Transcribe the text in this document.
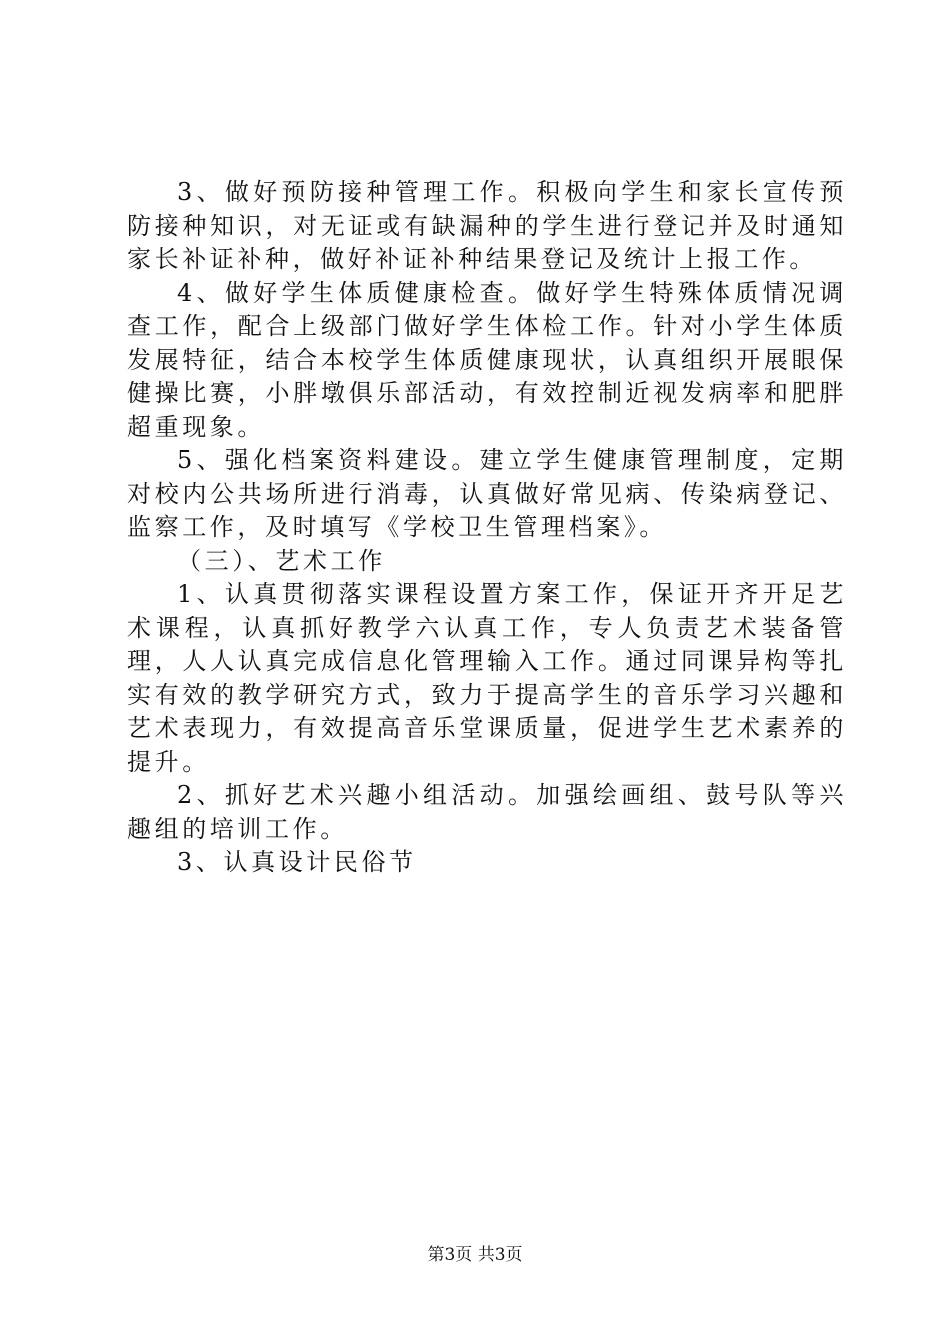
3、做好预防接种管理工作。积极向学生和家长宣传预防接种知识，对无证或有缺漏种的学生进行登记并及时通知家长补证补种，做好补证补种结果登记及统计上报工作。

4、做好学生体质健康检查。做好学生特殊体质情况调查工作，配合上级部门做好学生体检工作。针对小学生体质发展特征，结合本校学生体质健康现状，认真组织开展眼保健操比赛，小胖墩俱乐部活动，有效控制近视发病率和肥胖超重现象。

5、强化档案资料建设。建立学生健康管理制度，定期对校内公共场所进行消毒，认真做好常见病、传染病登记、监察工作，及时填写《学校卫生管理档案》。

（三）、艺术工作

1、认真贯彻落实课程设置方案工作，保证开齐开足艺术课程，认真抓好教学六认真工作，专人负责艺术装备管理，人人认真完成信息化管理输入工作。通过同课异构等扎实有效的教学研究方式，致力于提高学生的音乐学习兴趣和艺术表现力，有效提高音乐堂课质量，促进学生艺术素养的提升。

2、抓好艺术兴趣小组活动。加强绘画组、鼓号队等兴趣组的培训工作。

3、认真设计民俗节

第3页 共3页
